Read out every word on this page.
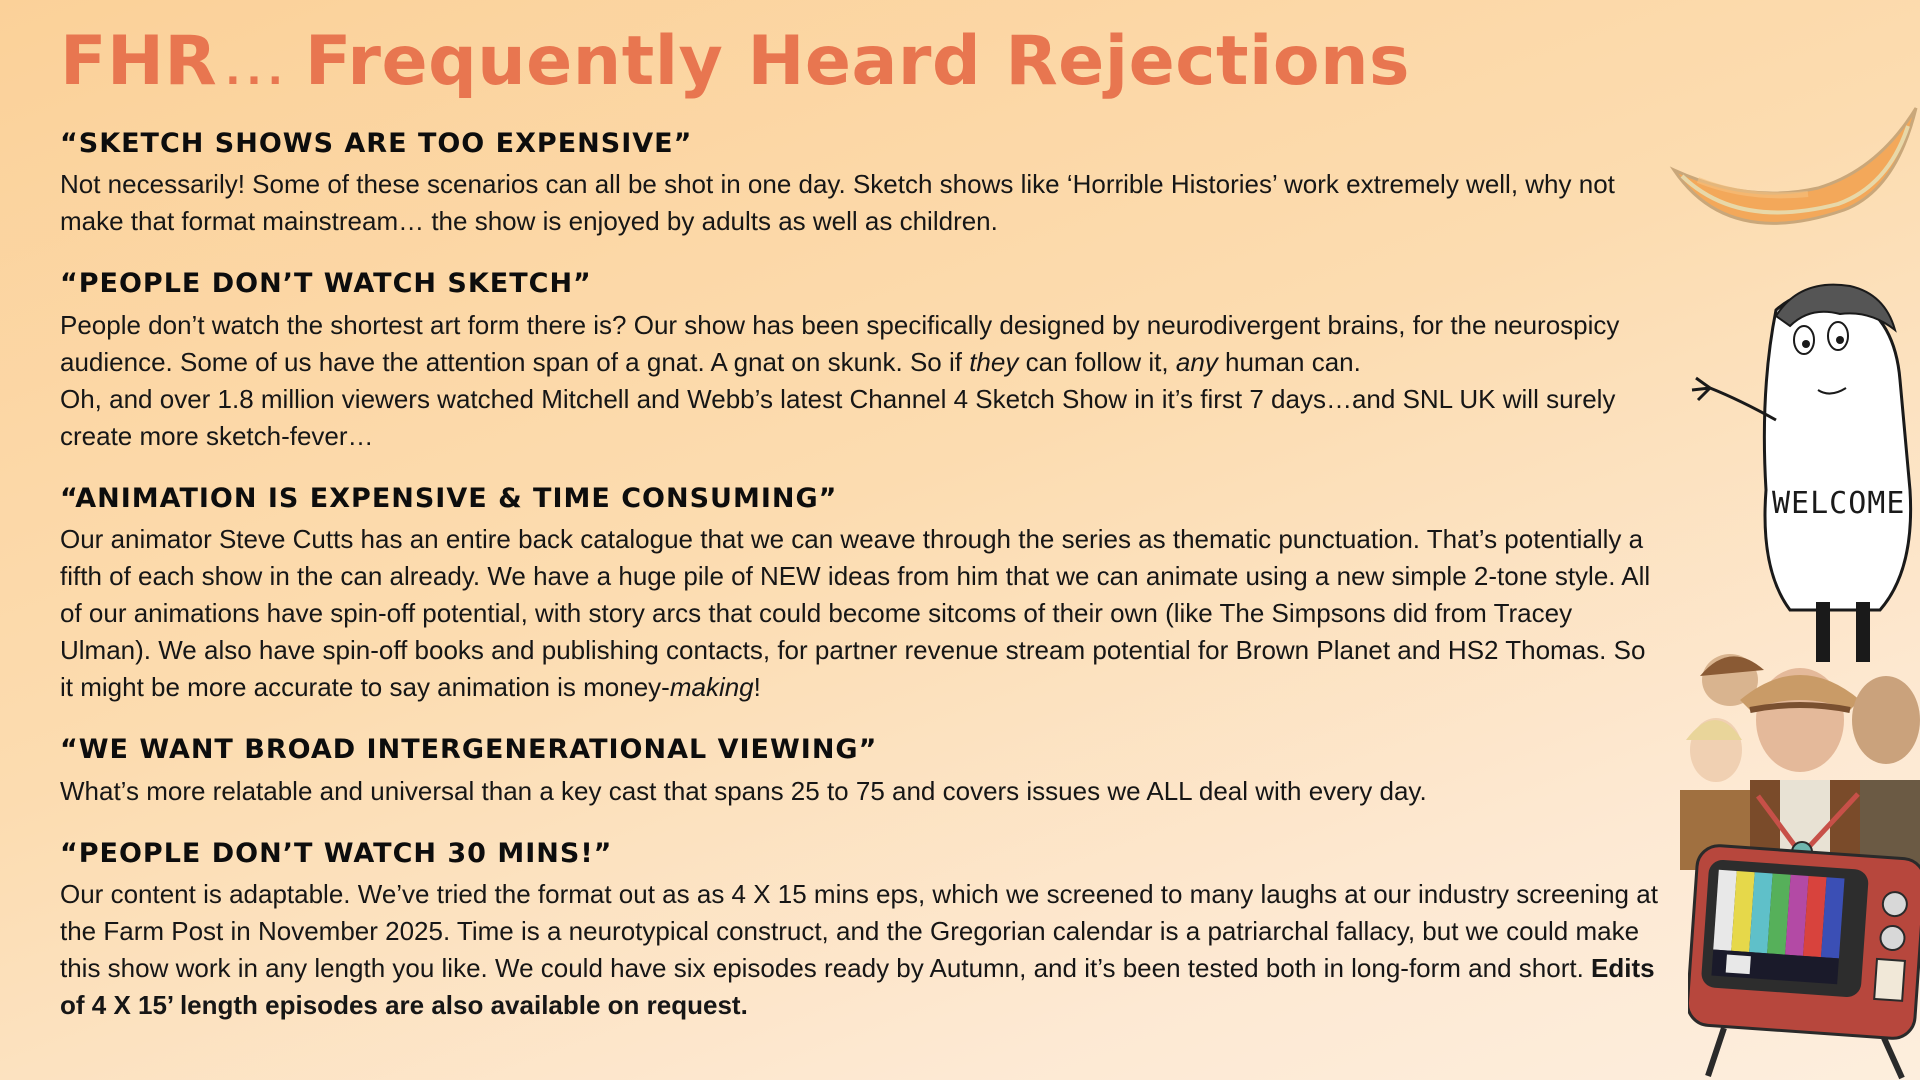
FHR ... Frequently Heard Rejections
“SKETCH SHOWS ARE TOO EXPENSIVE”

Not necessarily! Some of these scenarios can all be shot in one day. Sketch shows like ‘Horrible Histories’ work extremely well, why not make that format mainstream… the show is enjoyed by adults as well as children.

“PEOPLE DON’T WATCH SKETCH”

People don’t watch the shortest art form there is? Our show has been specifically designed by neurodivergent brains, for the neurospicy audience. Some of us have the attention span of a gnat. A gnat on skunk. So if they can follow it, any human can.

Oh, and over 1.8 million viewers watched Mitchell and Webb’s latest Channel 4 Sketch Show in it’s first 7 days…and SNL UK will surely create more sketch-fever…

“ANIMATION IS EXPENSIVE & TIME CONSUMING”

Our animator Steve Cutts has an entire back catalogue that we can weave through the series as thematic punctuation. That’s potentially a fifth of each show in the can already. We have a huge pile of NEW ideas from him that we can animate using a new simple 2-tone style. All of our animations have spin-off potential, with story arcs that could become sitcoms of their own (like The Simpsons did from Tracey Ulman). We also have spin-off books and publishing contacts, for partner revenue stream potential for Brown Planet and HS2 Thomas. So it might be more accurate to say animation is money-making!

“WE WANT BROAD INTERGENERATIONAL VIEWING”

What’s more relatable and universal than a key cast that spans 25 to 75 and covers issues we ALL deal with every day.

“PEOPLE DON’T WATCH 30 MINS!”

Our content is adaptable. We’ve tried the format out as as 4 X 15 mins eps, which we screened to many laughs at our industry screening at the Farm Post in November 2025. Time is a neurotypical construct, and the Gregorian calendar is a patriarchal fallacy, but we could make this show work in any length you like. We could have six episodes ready by Autumn, and it’s been tested both in long-form and short. Edits of 4 X 15’ length episodes are also available on request.

WELCOME
